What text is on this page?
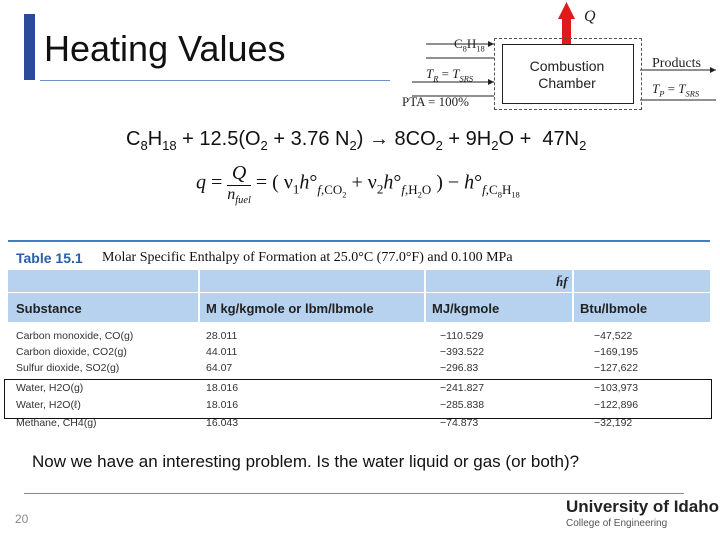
Heating Values	$C_8H_{18}$
$T_R = T_{SRS}$
PTA = 100%
Combustion
Chamber
Products
$T_P = T_{SRS}$
Q
$C_8H_{18} + 12.5(O_2 + 3.76$ $N_2) \to 8CO_2 + 9H_2O + 47N_2$
q = Q
$n_{fuel}$
= ( $\nu_1h^\circ_{f,CO_2} + \nu_2h^\circ_{f,H_2O}$ ) − $h^\circ_{f,C_8H_{18}}$
Table 15.1 Molar Specific Enthalpy of Formation at 25.0°C (77.0°F) and 0.100 MPa
h̄f
Substance	M kg/kgmole or lbm/lbmole	MJ/kgmole	Btu/lbmole
Carbon monoxide, CO(g)	28.011	−110.529	−47,522
Carbon dioxide, CO2(g)	44.011	−393.522	−169,195
Sulfur dioxide, SO2(g)	64.07	−296.83	−127,622
Water, H2O(g)	18.016	−241.827	−103,973
Water, H2O(ℓ)	18.016	−285.838	−122,896
Methane, CH4(g)	16.043	−74.873	−32,192
Now we have an interesting problem. Is the water liquid or gas (or both)?
20
University of Idaho
College of Engineering
